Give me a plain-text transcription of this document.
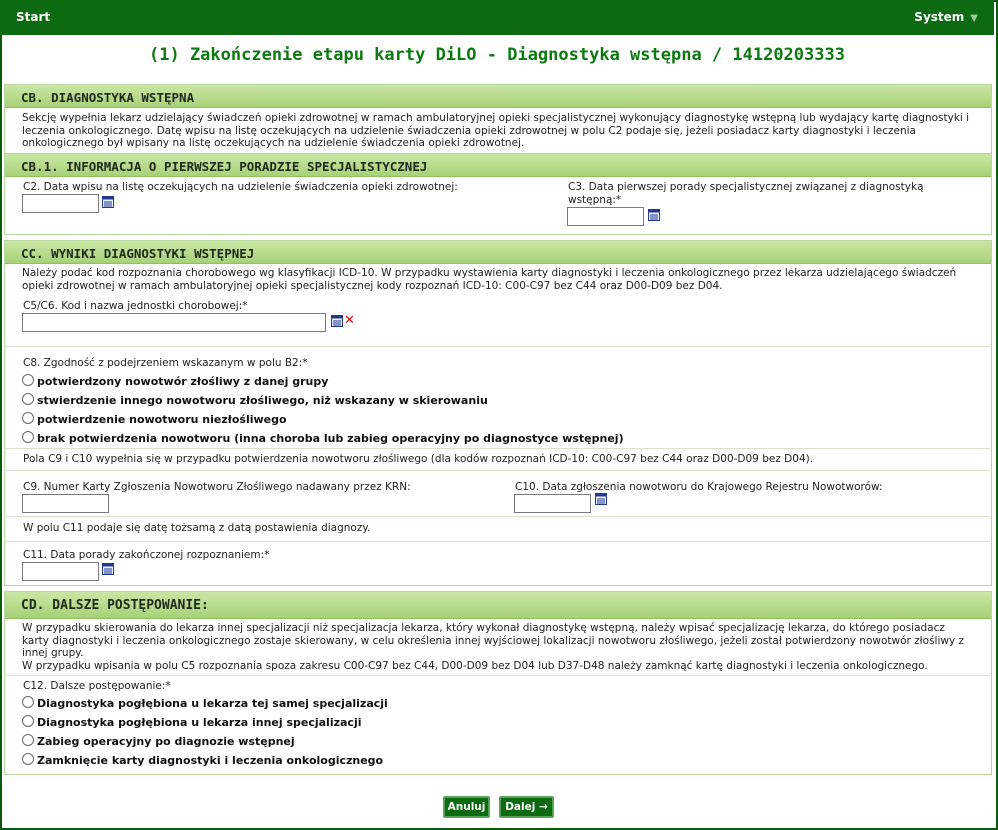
Start	System ▼
(1) Zakończenie etapu karty DiLO - Diagnostyka wstępna / 14120203333
CB. DIAGNOSTYKA WSTĘPNA
Sekcję wypełnia lekarz udzielający świadczeń opieki zdrowotnej w ramach ambulatoryjnej opieki specjalistycznej wykonujący diagnostykę wstępną lub wydający kartę diagnostyki i leczenia onkologicznego. Datę wpisu na listę oczekujących na udzielenie świadczenia opieki zdrowotnej w polu C2 podaje się, jeżeli posiadacz karty diagnostyki i leczenia onkologicznego był wpisany na listę oczekujących na udzielenie świadczenia opieki zdrowotnej.
CB.1. INFORMACJA O PIERWSZEJ PORADZIE SPECJALISTYCZNEJ
C2. Data wpisu na listę oczekujących na udzielenie świadczenia opieki zdrowotnej:	C3. Data pierwszej porady specjalistycznej związanej z diagnostyką wstępną:*
CC. WYNIKI DIAGNOSTYKI WSTĘPNEJ
Należy podać kod rozpoznania chorobowego wg klasyfikacji ICD-10. W przypadku wystawienia karty diagnostyki i leczenia onkologicznego przez lekarza udzielającego świadczeń opieki zdrowotnej w ramach ambulatoryjnej opieki specjalistycznej kody rozpoznań ICD-10: C00-C97 bez C44 oraz D00-D09 bez D04.
C5/C6. Kod i nazwa jednostki chorobowej:*
✕
C8. Zgodność z podejrzeniem wskazanym w polu B2:*
potwierdzony nowotwór złośliwy z danej grupy
stwierdzenie innego nowotworu złośliwego, niż wskazany w skierowaniu
potwierdzenie nowotworu niezłośliwego
brak potwierdzenia nowotworu (inna choroba lub zabieg operacyjny po diagnostyce wstępnej)
Pola C9 i C10 wypełnia się w przypadku potwierdzenia nowotworu złośliwego (dla kodów rozpoznań ICD-10: C00-C97 bez C44 oraz D00-D09 bez D04).
C9. Numer Karty Zgłoszenia Nowotworu Złośliwego nadawany przez KRN:	C10. Data zgłoszenia nowotworu do Krajowego Rejestru Nowotworów:
W polu C11 podaje się datę tożsamą z datą postawienia diagnozy.
C11. Data porady zakończonej rozpoznaniem:*
CD. DALSZE POSTĘPOWANIE:
W przypadku skierowania do lekarza innej specjalizacji niż specjalizacja lekarza, który wykonał diagnostykę wstępną, należy wpisać specjalizację lekarza, do którego posiadacz karty diagnostyki i leczenia onkologicznego zostaje skierowany, w celu określenia innej wyjściowej lokalizacji nowotworu złośliwego, jeżeli został potwierdzony nowotwór złośliwy z innej grupy.
W przypadku wpisania w polu C5 rozpoznania spoza zakresu C00-C97 bez C44, D00-D09 bez D04 lub D37-D48 należy zamknąć kartę diagnostyki i leczenia onkologicznego.
C12. Dalsze postępowanie:*
Diagnostyka pogłębiona u lekarza tej samej specjalizacji
Diagnostyka pogłębiona u lekarza innej specjalizacji
Zabieg operacyjny po diagnozie wstępnej
Zamknięcie karty diagnostyki i leczenia onkologicznego
Anuluj	Dalej →
